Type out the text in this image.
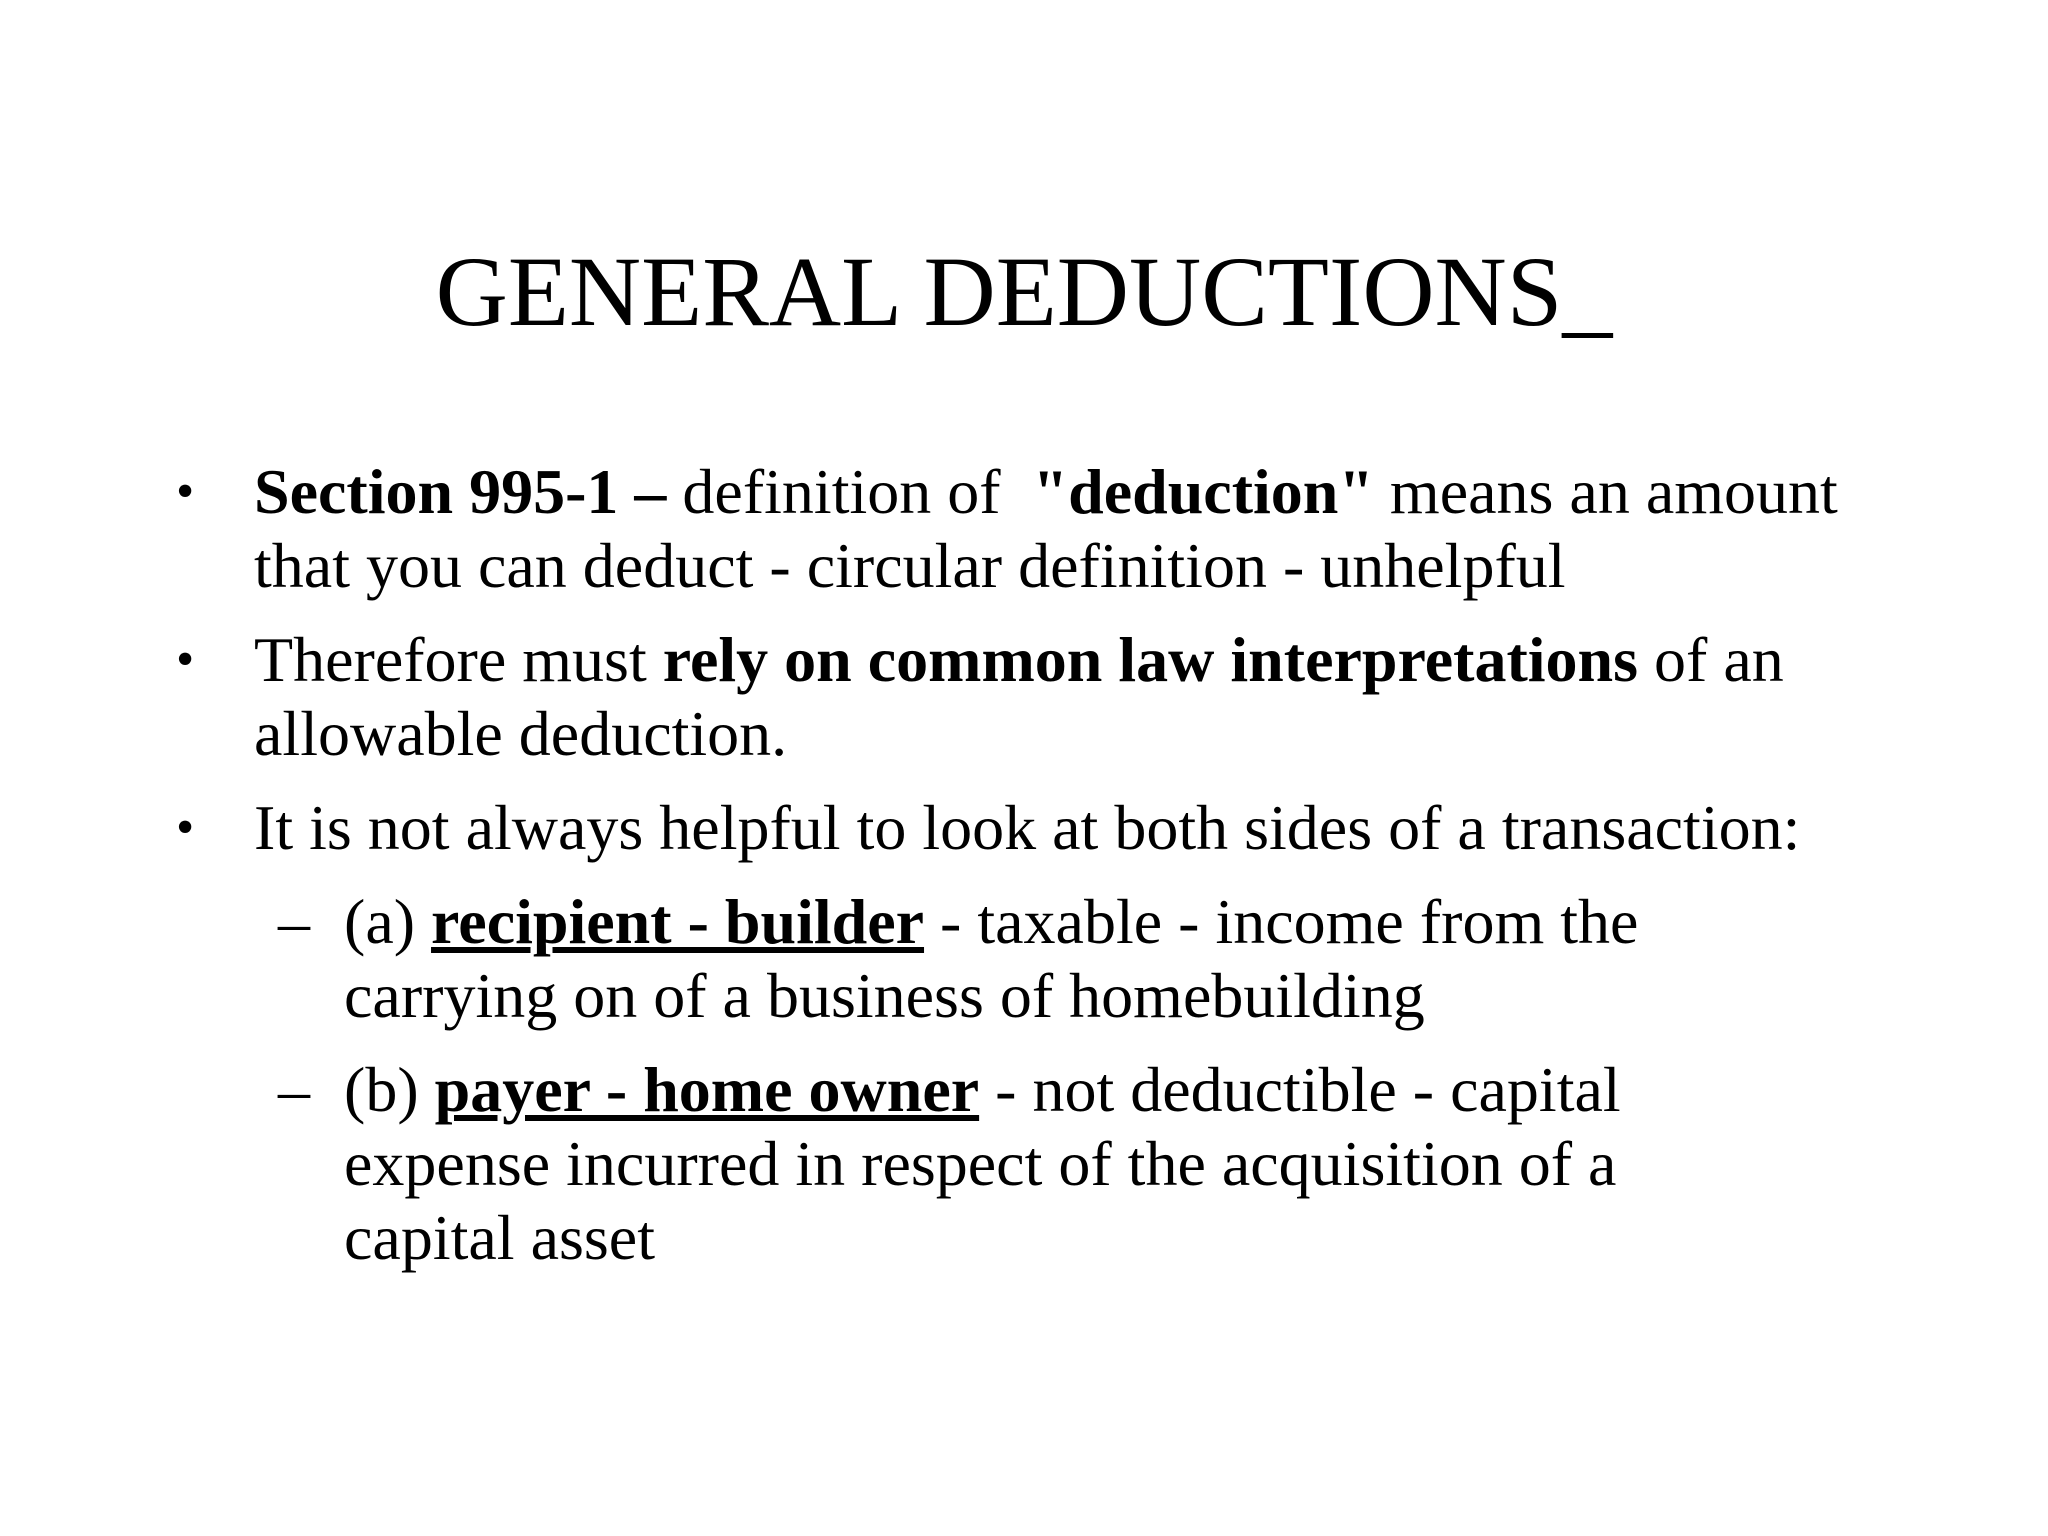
GENERAL DEDUCTIONS_
• Section 995-1 – definition of  "deduction" means an amount that you can deduct - circular definition - unhelpful
• Therefore must rely on common law interpretations of an allowable deduction.
• It is not always helpful to look at both sides of a transaction:
– (a) recipient - builder - taxable - income from the carrying on of a business of homebuilding
– (b) payer - home owner - not deductible - capital expense incurred in respect of the acquisition of a capital asset
